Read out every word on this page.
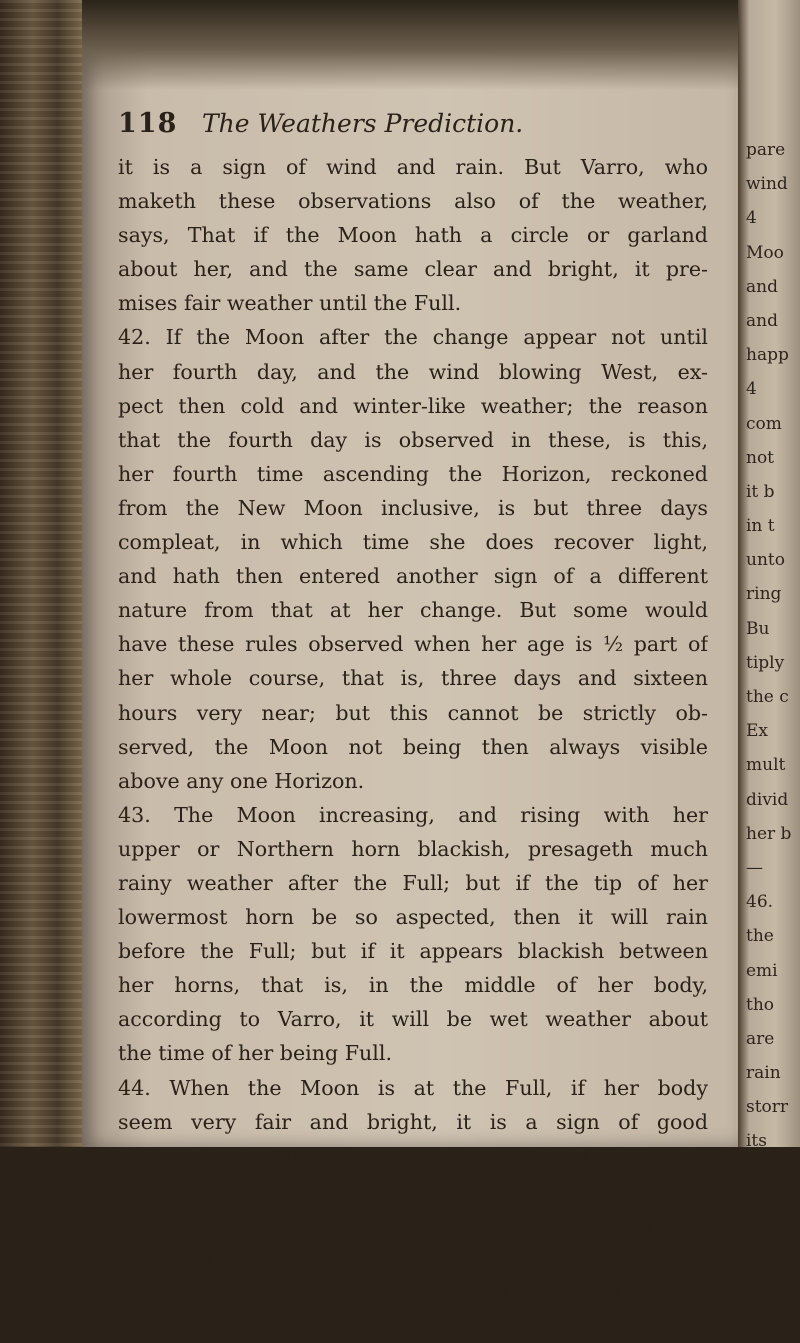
pare
wind
4
Moo
and
and
happ
4
com
not
it b
in t
unto
ring
Bu
tiply
the c
Ex
mult
divid
her b
—
46.
the
emi
tho
are
rain
storr
its
118 The Weathers Prediction.
it is a sign of wind and rain. But Varro, who
maketh these observations also of the weather,
says, That if the Moon hath a circle or garland
about her, and the same clear and bright, it pre-
mises fair weather until the Full.
42. If the Moon after the change appear not until
her fourth day, and the wind blowing West, ex-
pect then cold and winter-like weather; the reason
that the fourth day is observed in these, is this,
her fourth time ascending the Horizon, reckoned
from the New Moon inclusive, is but three days
compleat, in which time she does recover light,
and hath then entered another sign of a different
nature from that at her change. But some would
have these rules observed when her age is ½ part of
her whole course, that is, three days and sixteen
hours very near; but this cannot be strictly ob-
served, the Moon not being then always visible
above any one Horizon.
43. The Moon increasing, and rising with her
upper or Northern horn blackish, presageth much
rainy weather after the Full; but if the tip of her
lowermost horn be so aspected, then it will rain
before the Full; but if it appears blackish between
her horns, that is, in the middle of her body,
according to Varro, it will be wet weather about
the time of her being Full.
44. When the Moon is at the Full, if her body
seem very fair and bright, it is a sign of good
weather; but if red, it argues wind; it inclining
to black, rain; and if a mist about her, it is a sign
of snow, rain or wind; and if two or more of
these circles, it is the worse, and presages storms;
and where the circle is brightest, or most transf-
parent,
